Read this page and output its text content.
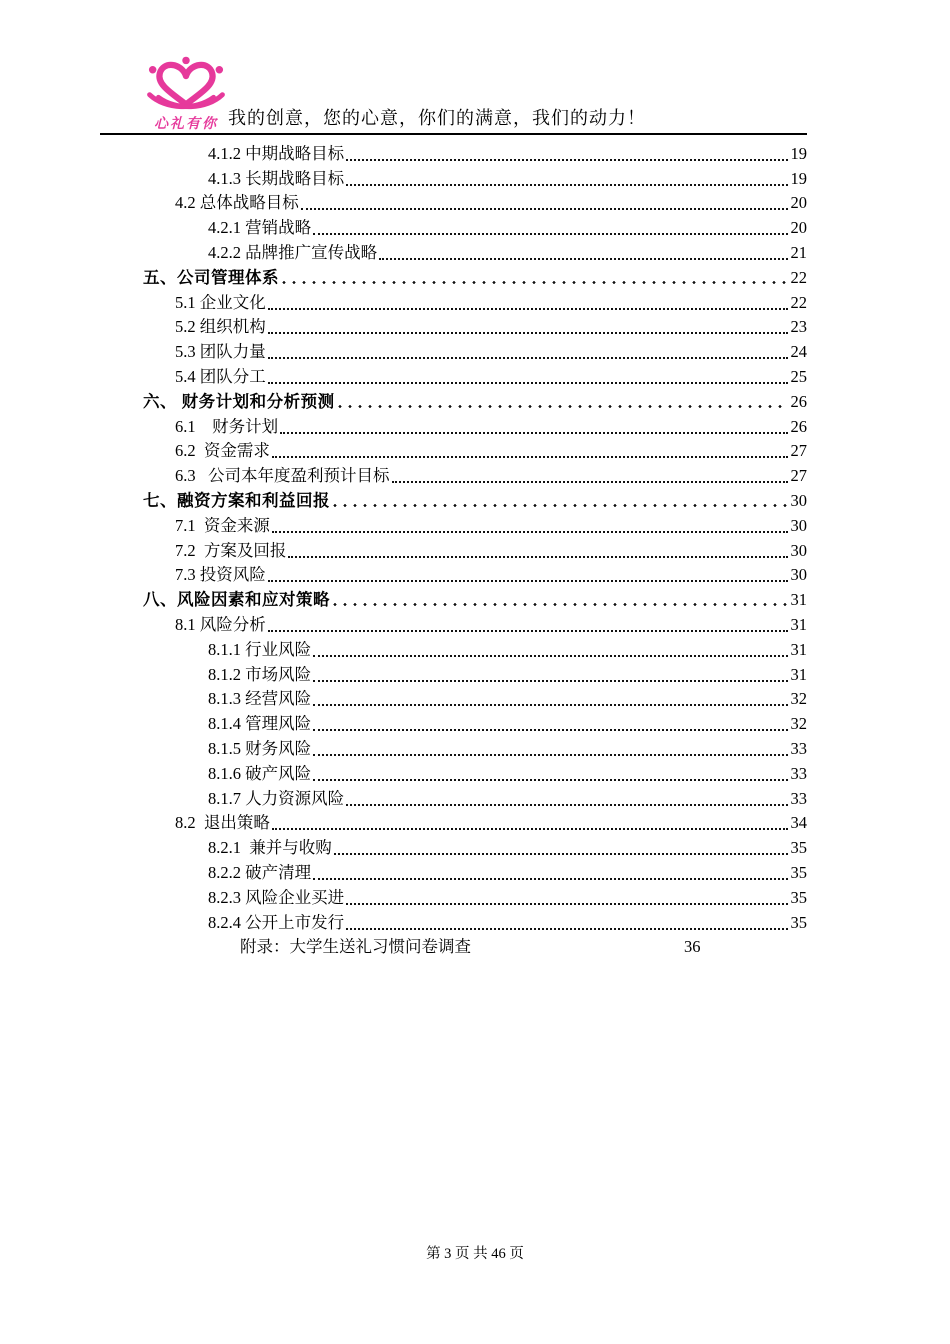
心礼有你 我的创意，您的心意，你们的满意，我们的动力！
4.1.2 中期战略目标	19
4.1.3 长期战略目标	19
4.2 总体战略目标	20
4.2.1 营销战略	20
4.2.2 品牌推广宣传战略	21
五、公司管理体系	22
5.1 企业文化	22
5.2 组织机构	23
5.3 团队力量	24
5.4 团队分工	25
六、 财务计划和分析预测	26
6.1　财务计划	26
6.2  资金需求	27
6.3   公司本年度盈利预计目标	27
七、融资方案和利益回报	30
7.1  资金来源	30
7.2  方案及回报	30
7.3 投资风险	30
八、风险因素和应对策略	31
8.1 风险分析	31
8.1.1 行业风险	31
8.1.2 市场风险	31
8.1.3 经营风险	32
8.1.4 管理风险	32
8.1.5 财务风险	33
8.1.6 破产风险	33
8.1.7 人力资源风险	33
8.2  退出策略	34
8.2.1  兼并与收购	35
8.2.2 破产清理	35
8.2.3 风险企业买进	35
8.2.4 公开上市发行	35
附录：大学生送礼习惯问卷调查	36
第 3 页 共 46 页
